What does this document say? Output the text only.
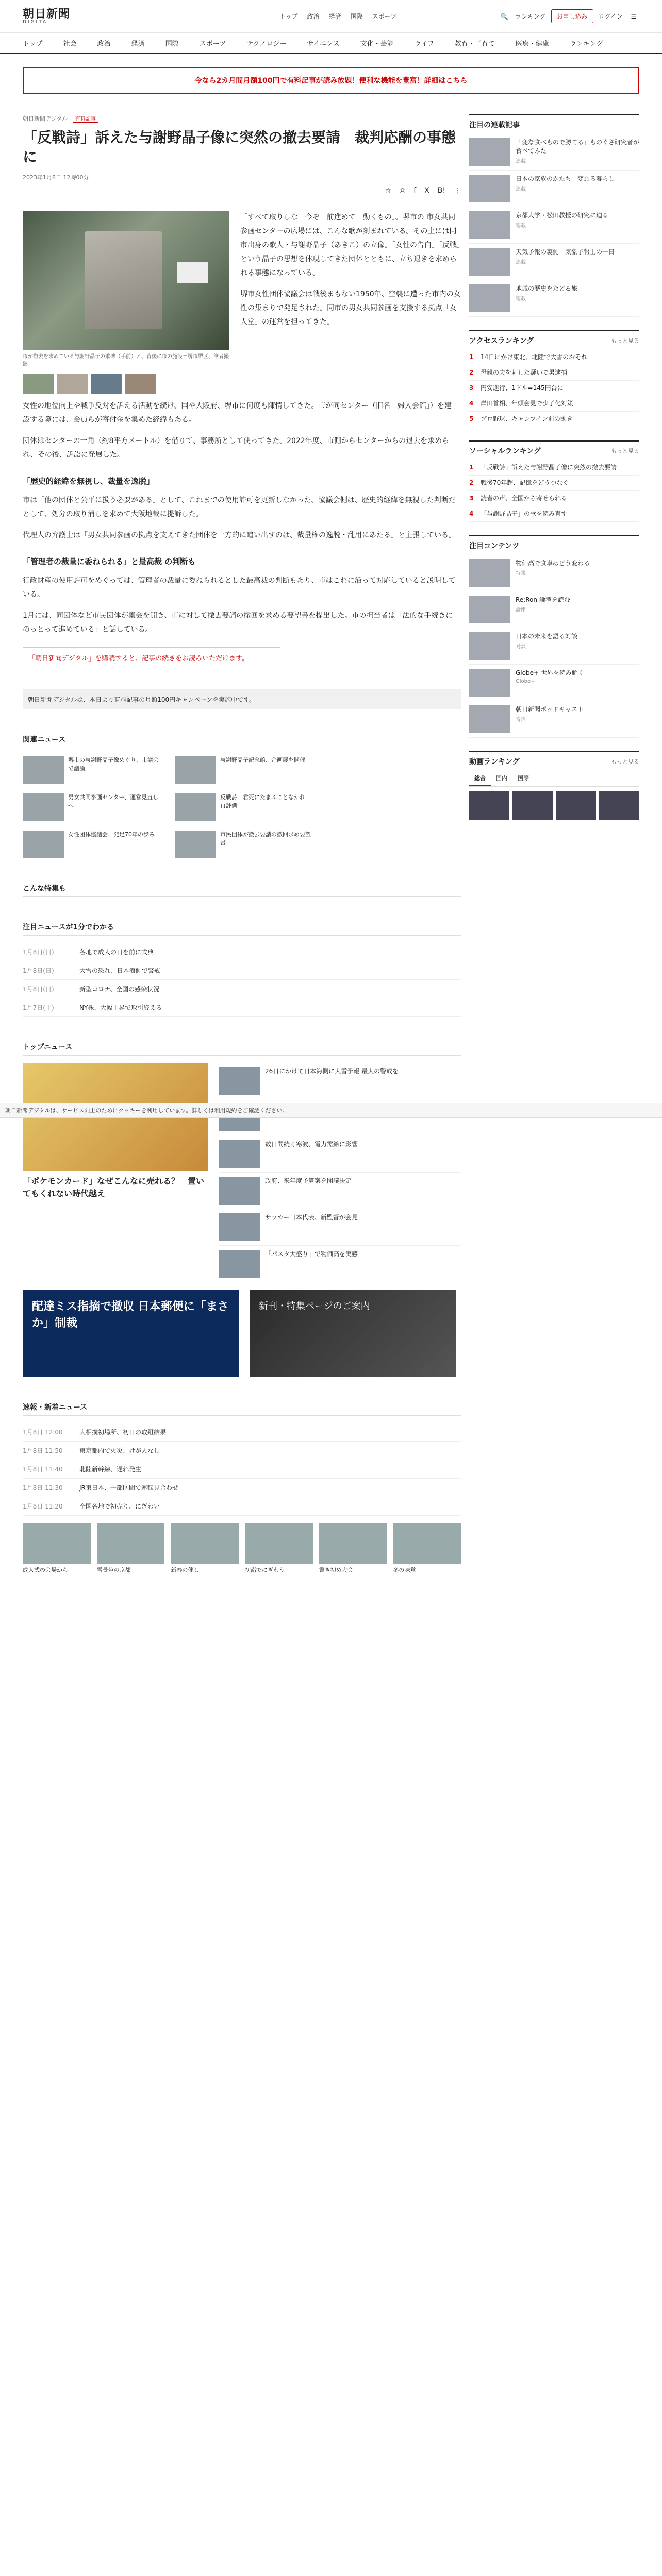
朝日新聞
DIGITAL
トップ 政治 経済 国際 スポーツ	🔍 ランキング	お申し込み	ログイン	☰
トップ	社会	政治	経済	国際	スポーツ	テクノロジー	サイエンス	文化・芸能	ライフ	教育・子育て	医療・健康	ランキング
今なら2カ月間月額100円で有料記事が読み放題！便利な機能を豊富！詳細はこちら
朝日新聞デジタル 有料記事
「反戦詩」訴えた与謝野晶子像に突然の撤去要請　裁判応酬の事態に
2023年1月8日 12時00分
☆ ⎙ f X B! ⋮
市が撤去を求めている与謝野晶子の歌碑（手前）と、背後に市の施設＝堺市堺区、筆者撮影

「すべて取りしな　今ぞ　前進めて　動くもの」。堺市の 市女共同参画センターの広場には、こんな歌が刻まれている。その上には同市出身の歌人・与謝野晶子（あきこ）の立像。「女性の告白」「反戦」という晶子の思想を体現してきた団体とともに、立ち退きを求められる事態になっている。

堺市女性団体協議会は戦後まもない1950年、空襲に遭った市内の女性の集まりで発足された。同市の男女共同参画を支援する拠点「女人堂」の運営を担ってきた。

女性の地位向上や戦争反対を訴える活動を続け、国や大阪府、堺市に何度も陳情してきた。市が同センター（旧名「婦人会館」）を建設する際には、会員らが寄付金を集めた経緯もある。

団体はセンターの一角（約8平方メートル）を借りて、事務所として使ってきた。2022年度、市側からセンターからの退去を求められ、その後、訴訟に発展した。

「歴史的経緯を無視し、裁量を逸脱」

市は「他の団体と公平に扱う必要がある」として、これまでの使用許可を更新しなかった。協議会側は、歴史的経緯を無視した判断だとして、処分の取り消しを求めて大阪地裁に提訴した。

代理人の弁護士は「男女共同参画の拠点を支えてきた団体を一方的に追い出すのは、裁量権の逸脱・乱用にあたる」と主張している。

「管理者の裁量に委ねられる」と最高裁 の判断も

行政財産の使用許可をめぐっては、管理者の裁量に委ねられるとした最高裁の判断もあり、市はこれに沿って対応していると説明している。

1月には、同団体など市民団体が集会を開き、市に対して撤去要請の撤回を求める要望書を提出した。市の担当者は「法的な手続きにのっとって進めている」と話している。

「朝日新聞デジタル」を購読すると、記事の続きをお読みいただけます。
朝日新聞デジタルは、本日より有料記事の月額100円キャンペーンを実施中です。
関連ニュース
堺市の与謝野晶子像めぐり、市議会で議論
与謝野晶子記念館、企画展を開催
男女共同参画センター、運営見直しへ
反戦詩「君死にたまふことなかれ」再評価
女性団体協議会、発足70年の歩み	市民団体が撤去要請の撤回求め要望書
こんな特集も
注目ニュースが1分でわかる
1月8日(日)	各地で成人の日を前に式典
1月8日(日)	大雪の恐れ、日本海側で警戒
1月8日(日)	新型コロナ、全国の感染状況
1月7日(土)	NY株、大幅上昇で取引終える
トップニュース
「ポケモンカード」なぜこんなに売れる？　置いてもくれない時代越え
26日にかけて日本海側に大雪予報 最大の警戒を
数日間続く寒波、電力需給に影響
政府、来年度予算案を閣議決定
サッカー日本代表、新監督が会見
「パスタ大盛り」で物価高を実感
配達ミス指摘で撤収 日本郵便に「まさか」制裁
新刊・特集ページのご案内
速報・新着ニュース
1月8日 12:00	大相撲初場所、初日の取組結果
1月8日 11:50	東京都内で火災、けが人なし
1月8日 11:40	北陸新幹線、遅れ発生
1月8日 11:30	JR東日本、一部区間で運転見合わせ
1月8日 11:20	全国各地で初売り、にぎわい
成人式の会場から	雪景色の京都	新春の催し	初詣でにぎわう	書き初め大会	冬の味覚
注目の連載記事
「変な食べもので勝てる」ものぐさ研究者が食べてみた
連載
日本の家族のかたち　変わる暮らし
連載
京都大学・松田教授の研究に迫る
連載
天気予報の裏側　気象予報士の一日
連載
地域の歴史をたどる旅
連載
アクセスランキング	もっと見る
1	14日にかけ東北、北陸で大雪のおそれ
2	母親の夫を刺した疑いで男逮捕
3	円安進行、1ドル=145円台に
4	岸田首相、年頭会見で少子化対策
5	プロ野球、キャンプイン前の動き
ソーシャルランキング	もっと見る
1	「反戦詩」訴えた与謝野晶子像に突然の撤去要請
2	戦後70年超、記憶をどうつなぐ
3	読者の声、全国から寄せられる
4	「与謝野晶子」の歌を読み直す
注目コンテンツ
物価高で食卓はどう変わる
特集
Re:Ron 論考を読む
論座
日本の未来を語る対談
対談
Globe+ 世界を読み解く
Globe+
朝日新聞ポッドキャスト
音声
動画ランキング	もっと見る
総合	国内	国際
朝日新聞デジタルは、サービス向上のためにクッキーを利用しています。詳しくは利用規約をご確認ください。
